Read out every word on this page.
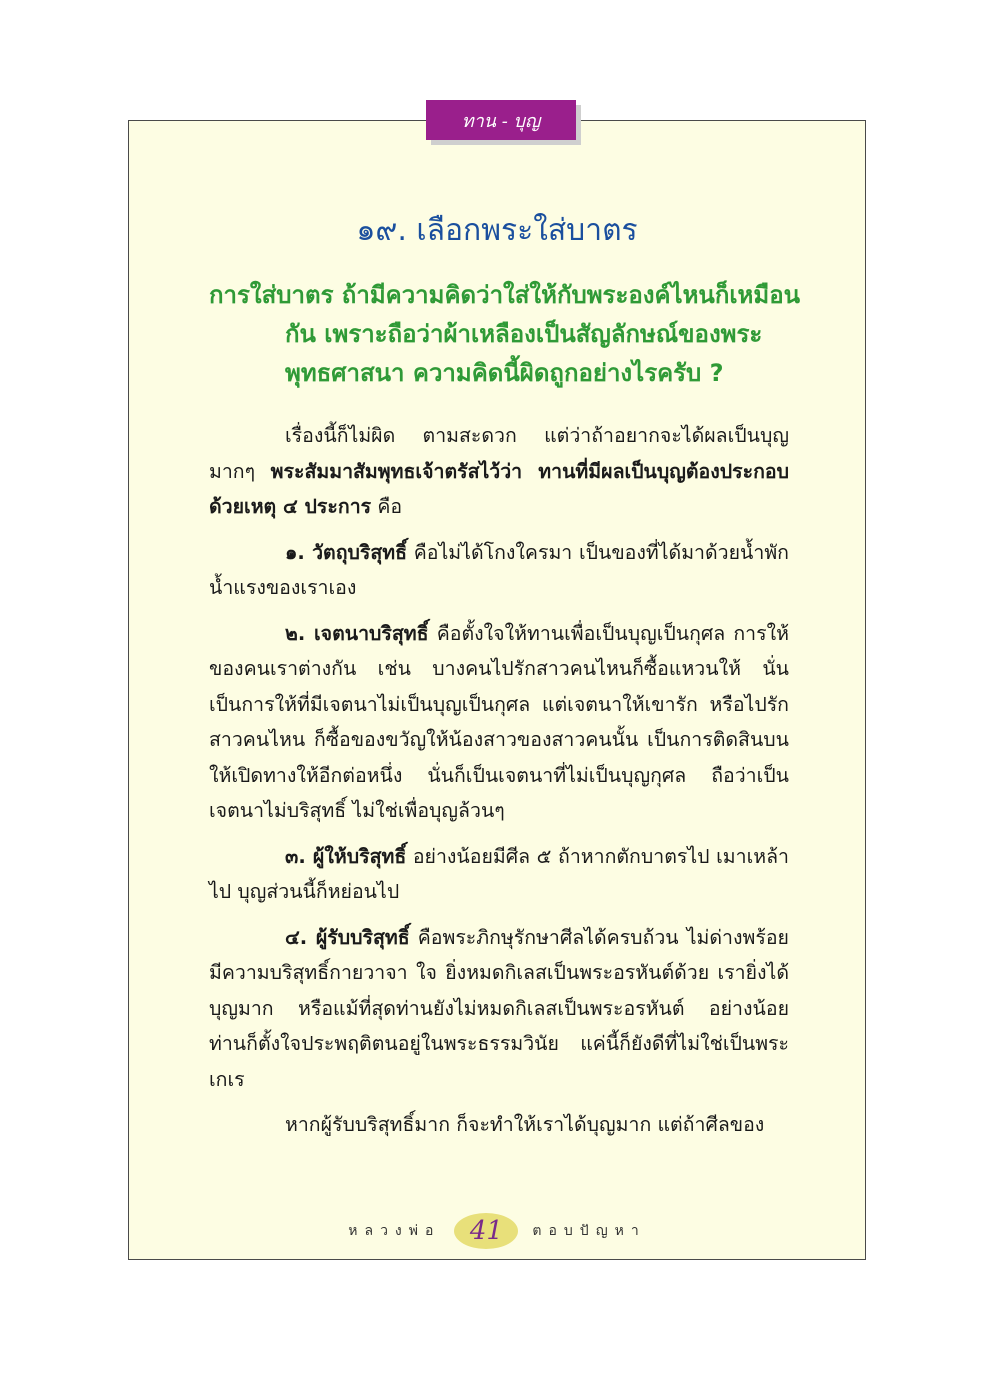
ทาน - บุญ
๑๙. เลือกพระใส่บาตร
การใส่บาตร ถ้ามีความคิดว่าใส่ให้กับพระองค์ไหนก็เหมือน
กัน เพราะถือว่าผ้าเหลืองเป็นสัญลักษณ์ของพระ
พุทธศาสนา ความคิดนี้ผิดถูกอย่างไรครับ ?

เรื่องนี้ก็ไม่ผิด ตามสะดวก แต่ว่าถ้าอยากจะได้ผลเป็นบุญมากๆ พระสัมมาสัมพุทธเจ้าตรัสไว้ว่า ทานที่มีผลเป็นบุญต้องประกอบด้วยเหตุ ๔ ประการ คือ

๑. วัตถุบริสุทธิ์ คือไม่ได้โกงใครมา เป็นของที่ได้มาด้วยน้ำพักน้ำแรงของเราเอง

๒. เจตนาบริสุทธิ์ คือตั้งใจให้ทานเพื่อเป็นบุญเป็นกุศล การให้ของคนเราต่างกัน เช่น บางคนไปรักสาวคนไหนก็ซื้อแหวนให้ นั่นเป็นการให้ที่มีเจตนาไม่เป็นบุญเป็นกุศล แต่เจตนาให้เขารัก หรือไปรักสาวคนไหน ก็ซื้อของขวัญให้น้องสาวของสาวคนนั้น เป็นการติดสินบนให้เปิดทางให้อีกต่อหนึ่ง นั่นก็เป็นเจตนาที่ไม่เป็นบุญกุศล ถือว่าเป็นเจตนาไม่บริสุทธิ์ ไม่ใช่เพื่อบุญล้วนๆ

๓. ผู้ให้บริสุทธิ์ อย่างน้อยมีศีล ๕ ถ้าหากตักบาตรไป เมาเหล้าไป บุญส่วนนี้ก็หย่อนไป

๔. ผู้รับบริสุทธิ์ คือพระภิกษุรักษาศีลได้ครบถ้วน ไม่ด่างพร้อย มีความบริสุทธิ์กายวาจา ใจ ยิ่งหมดกิเลสเป็นพระอรหันต์ด้วย เรายิ่งได้บุญมาก หรือแม้ที่สุดท่านยังไม่หมดกิเลสเป็นพระอรหันต์ อย่างน้อยท่านก็ตั้งใจประพฤติตนอยู่ในพระธรรมวินัย แค่นี้ก็ยังดีที่ไม่ใช่เป็นพระเกเร

หากผู้รับบริสุทธิ์มาก ก็จะทำให้เราได้บุญมาก แต่ถ้าศีลของ

หลวงพ่อ	41	ตอบปัญหา
